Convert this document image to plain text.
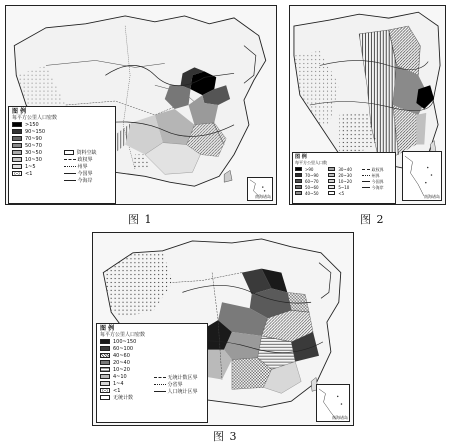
图 例
每平方公里人口密数
>150
90~150
70~90
50~70
30~50
10~30
1~5
<1
资料空缺
政权界
州界
今国界
今海岸
南海诸岛
图 1
图 例
每平方公里人口数
>90
70~90
60~70
50~60
40~50
30~40
20~30
10~20
5~10
<5
政权界
州界
今国界
今海岸
南海诸岛
图 2
图 例
每平方公里人口密数
100~150
60~100
40~60
20~40
10~20
4~10
1~4
<1
无统计数
无统计数区界
分省界
人口统计区界
南海诸岛
图 3
